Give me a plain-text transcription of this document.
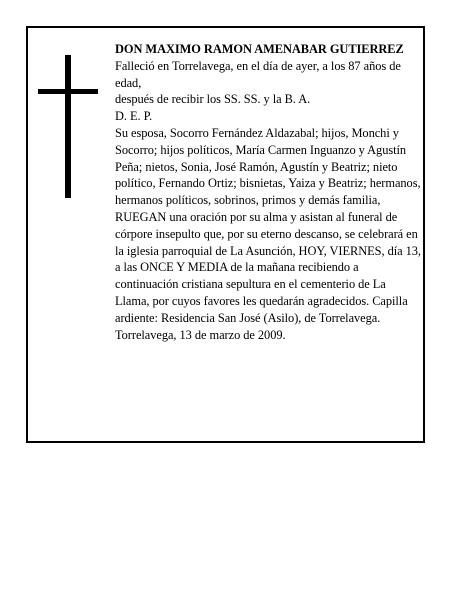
DON MAXIMO RAMON AMENABAR GUTIERREZ
Falleció en Torrelavega, en el día de ayer, a los 87 años de edad,
después de recibir los SS. SS. y la B. A.
D. E. P.
Su esposa, Socorro Fernández Aldazabal; hijos, Monchi y Socorro; hijos políticos, María Carmen Inguanzo y Agustín Peña; nietos, Sonia, José Ramón, Agustín y Beatriz; nieto político, Fernando Ortiz; bisnietas, Yaiza y Beatriz; hermanos, hermanos políticos, sobrinos, primos y demás familia,
RUEGAN una oración por su alma y asistan al funeral de córpore insepulto que, por su eterno descanso, se celebrará en la iglesia parroquial de La Asunción, HOY, VIERNES, día 13, a las ONCE Y MEDIA de la mañana recibiendo a continuación cristiana sepultura en el cementerio de La Llama, por cuyos favores les quedarán agradecidos. Capilla ardiente: Residencia San José (Asilo), de Torrelavega.
Torrelavega, 13 de marzo de 2009.
